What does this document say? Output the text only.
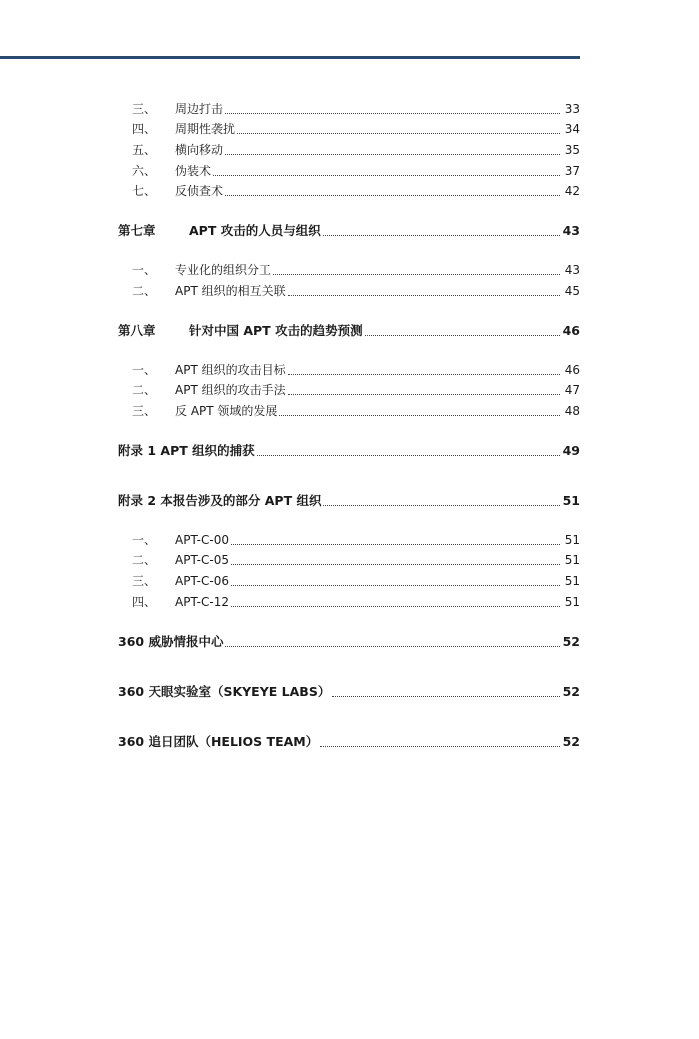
三、	周边打击	33
四、	周期性袭扰	34
五、	横向移动	35
六、	伪装术	37
七、	反侦查术	42
第七章	APT 攻击的人员与组织	43
一、	专业化的组织分工	43
二、	APT 组织的相互关联	45
第八章	针对中国 APT 攻击的趋势预测	46
一、	APT 组织的攻击目标	46
二、	APT 组织的攻击手法	47
三、	反 APT 领域的发展	48
附录 1 APT 组织的捕获	49
附录 2 本报告涉及的部分 APT 组织	51
一、	APT-C-00	51
二、	APT-C-05	51
三、	APT-C-06	51
四、	APT-C-12	51
360 威胁情报中心	52
360 天眼实验室（SKYEYE LABS）	52
360 追日团队（HELIOS TEAM）	52
